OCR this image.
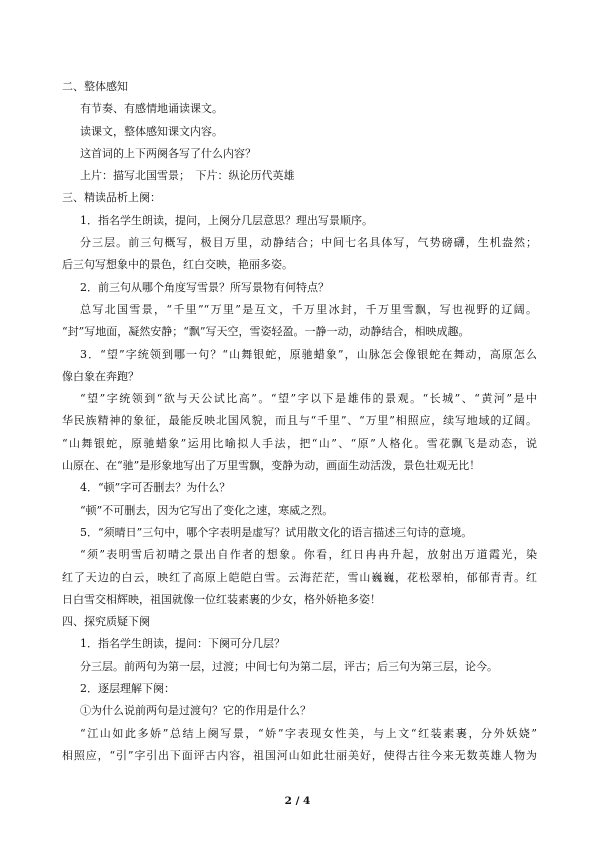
二、整体感知
有节奏、有感情地诵读课文。
读课文，整体感知课文内容。
这首词的上下两阕各写了什么内容？
上片：描写北国雪景；　下片：纵论历代英雄
三、精读品析上阕：
1．指名学生朗读，提问，上阕分几层意思？理出写景顺序。
分三层。前三句概写，极目万里，动静结合；中间七名具体写，气势磅礴，生机盎然；
后三句写想象中的景色，红白交映，艳丽多姿。
2．前三句从哪个角度写雪景？所写景物有何特点？
总写北国雪景，“千里”“万里”是互文，千万里冰封，千万里雪飘，写也视野的辽阔。
“封”写地面，凝然安静；“飘”写天空，雪姿轻盈。一静一动，动静结合，相映成趣。
3．“望”字统领到哪一句？“山舞银蛇，原驰蜡象”，山脉怎会像银蛇在舞动，高原怎么
像白象在奔跑？
“望”字统领到“欲与天公试比高”。“望”字以下是雄伟的景观。“长城”、“黄河”是中
华民族精神的象征，最能反映北国风貌，而且与“千里”、“万里”相照应，续写地域的辽阔。
“山舞银蛇，原驰蜡象”运用比喻拟人手法，把“山”、“原”人格化。雪花飘飞是动态，说
山原在、在“驰”是形象地写出了万里雪飘，变静为动，画面生动活泼，景色壮观无比！
4．“顿”字可否删去？为什么？
“顿”不可删去，因为它写出了变化之速，寒威之烈。
5．“须晴日”三句中，哪个字表明是虚写？试用散文化的语言描述三句诗的意境。
“须”表明雪后初晴之景出自作者的想象。你看，红日冉冉升起，放射出万道霞光，染
红了天边的白云，映红了高原上皑皑白雪。云海茫茫，雪山巍巍，花松翠柏，郁郁青青。红
日白雪交相辉映，祖国就像一位红装素裹的少女，格外娇艳多姿！
四、探究质疑下阕
1．指名学生朗读，提问：下阕可分几层？
分三层。前两句为第一层，过渡；中间七句为第二层，评古；后三句为第三层，论今。
2．逐层理解下阕：
①为什么说前两句是过渡句？它的作用是什么？
“江山如此多娇”总结上阕写景，“娇”字表现女性美，与上文“红装素裹，分外妖娆”
相照应，“引”字引出下面评古内容，祖国河山如此壮丽美好，使得古往今来无数英雄人物为
2 / 4
